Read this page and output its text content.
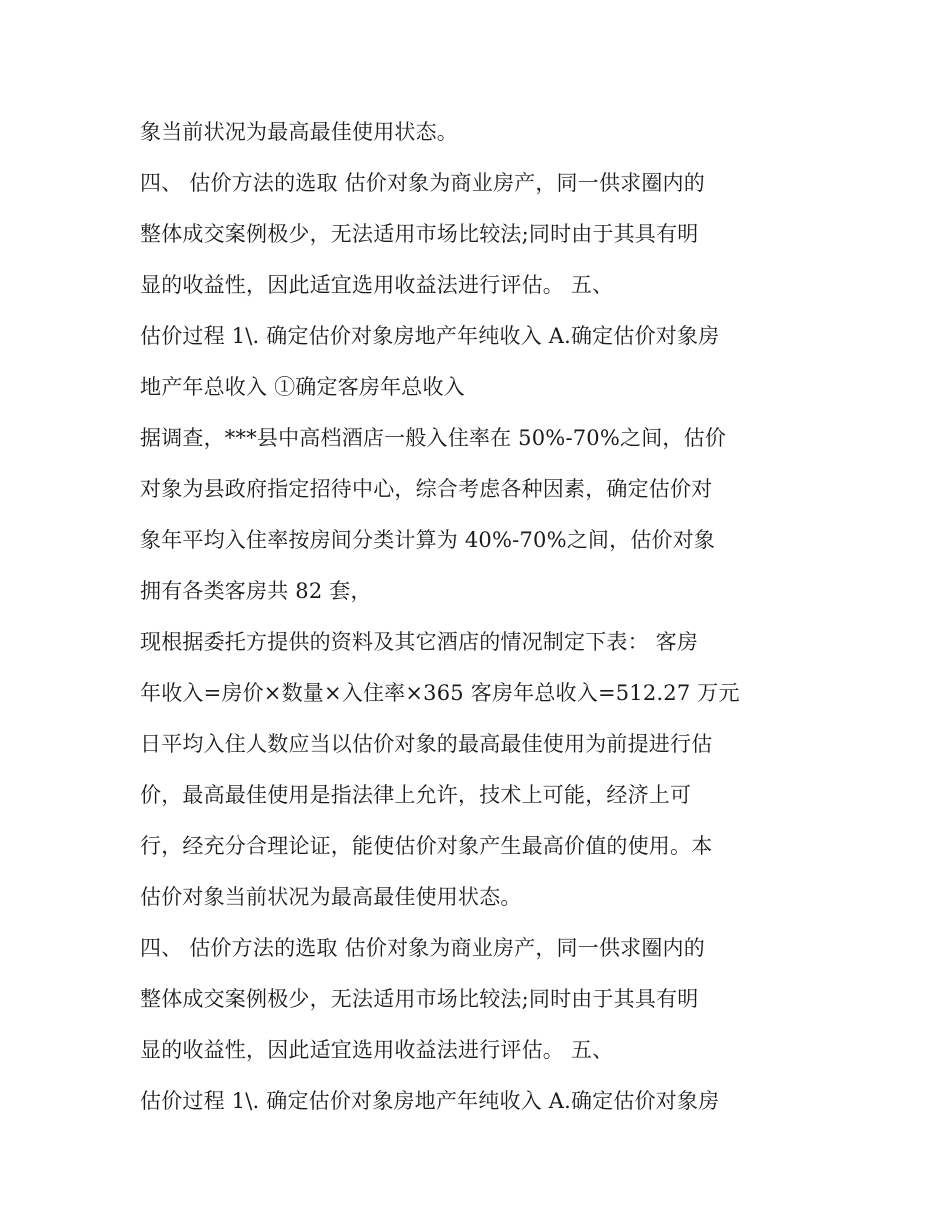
象当前状况为最高最佳使用状态。
四、 估价方法的选取 估价对象为商业房产，同一供求圈内的
整体成交案例极少，无法适用市场比较法;同时由于其具有明
显的收益性，因此适宜选用收益法进行评估。 五、
估价过程 1\. 确定估价对象房地产年纯收入 A.确定估价对象房
地产年总收入 ①确定客房年总收入
据调查，***县中高档酒店一般入住率在 50%-70%之间，估价
对象为县政府指定招待中心，综合考虑各种因素，确定估价对
象年平均入住率按房间分类计算为 40%-70%之间，估价对象
拥有各类客房共 82 套，
现根据委托方提供的资料及其它酒店的情况制定下表： 客房
年收入=房价×数量×入住率×365 客房年总收入=512.27 万元
日平均入住人数应当以估价对象的最高最佳使用为前提进行估
价，最高最佳使用是指法律上允许，技术上可能，经济上可
行，经充分合理论证，能使估价对象产生最高价值的使用。本
估价对象当前状况为最高最佳使用状态。
四、 估价方法的选取 估价对象为商业房产，同一供求圈内的
整体成交案例极少，无法适用市场比较法;同时由于其具有明
显的收益性，因此适宜选用收益法进行评估。 五、
估价过程 1\. 确定估价对象房地产年纯收入 A.确定估价对象房
